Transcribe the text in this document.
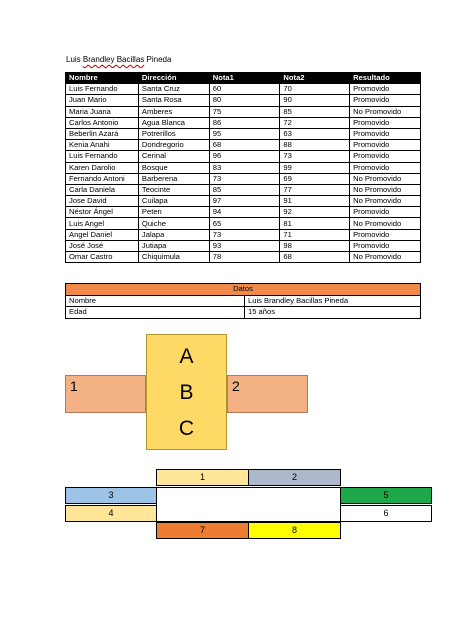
Luis Brandley Bacillas Pineda
Nombre	Dirección	Nota1	Nota2	Resultado
Luis Fernando	Santa Cruz	60	70	Promovido
Juan Mario	Santa Rosa	80	90	Promovido
Maria Juana	Amberes	75	85	No Promovido
Carlos Antonio	Agua Blanca	86	72	Promovido
Beberlin Azará	Potrerillos	95	63	Promovido
Kenia Anahi	Dondregorio	68	88	Promovido
Luis Fernando	Cerinal	96	73	Promovido
Karen Darolio	Bosque	83	99	Promovido
Fernando Antoni	Barberena	73	69	No Promovido
Carla Daniela	Teocinte	85	77	No Promovido
Jose David	Cuilapa	97	91	No Promovido
Néstor Ángel	Peten	94	92	Promovido
Luis Angel	Quiche	65	81	No Promovido
Angel Daniel	Jalapa	73	71	Promovido
José José	Jutiapa	93	98	Promovido
Omar Castro	Chiquimula	78	68	No Promovido
Datos	
Nombre	Luis Brandley Bacillas Pineda
Edad	15 años
1	2
A
B
C
1	2
3	5
4	6
7	8
